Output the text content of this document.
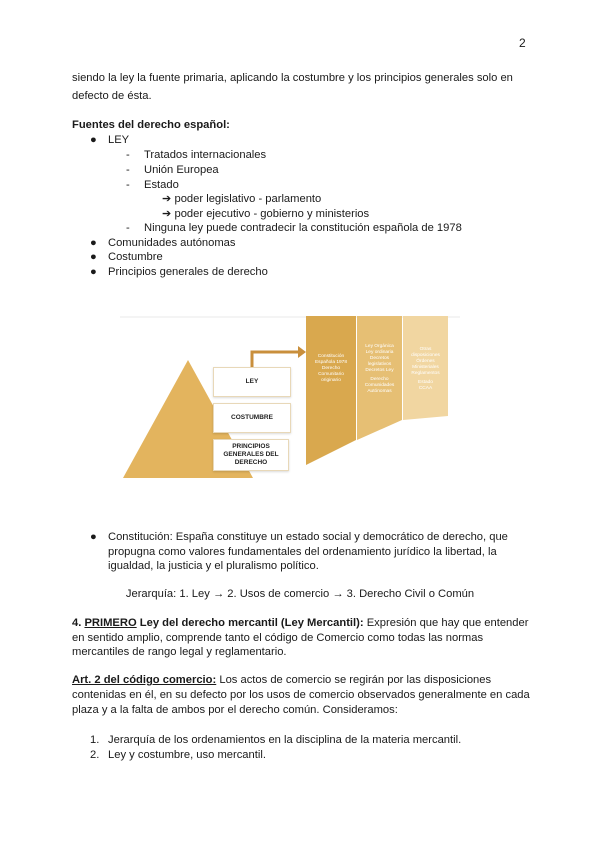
2
siendo la ley la fuente primaria, aplicando la costumbre y los principios generales solo en
defecto de ésta.
Fuentes del derecho español:
● LEY
- Tratados internacionales
- Unión Europea
- Estado
➔ poder legislativo - parlamento
➔ poder ejecutivo - gobierno y ministerios
- Ninguna ley puede contradecir la constitución española de 1978
● Comunidades autónomas
● Costumbre
● Principios generales de derecho
LEY
COSTUMBRE
PRINCIPIOS GENERALES DEL DERECHO
Constitución
Española 1978
Derecho
Comunitario
originario
Ley Orgánica
Ley ordinaria
Decretos
legislativos
Decretos Ley
Derecho
Comunidades
Autónomas
Otras
disposiciones
Órdenes
Ministeriales
Reglamentos
Estado
CCAA
● Constitución: España constituye un estado social y democrático de derecho, que
propugna como valores fundamentales del ordenamiento jurídico la libertad, la
igualdad, la justicia y el pluralismo político.
Jerarquía: 1. Ley → 2. Usos de comercio → 3. Derecho Civil o Común
4. PRIMERO Ley del derecho mercantil (Ley Mercantil): Expresión que hay que entender
en sentido amplio, comprende tanto el código de Comercio como todas las normas
mercantiles de rango legal y reglamentario.
Art. 2 del código comercio: Los actos de comercio se regirán por las disposiciones
contenidas en él, en su defecto por los usos de comercio observados generalmente en cada
plaza y a la falta de ambos por el derecho común. Consideramos:
1. Jerarquía de los ordenamientos en la disciplina de la materia mercantil.
2. Ley y costumbre, uso mercantil.
